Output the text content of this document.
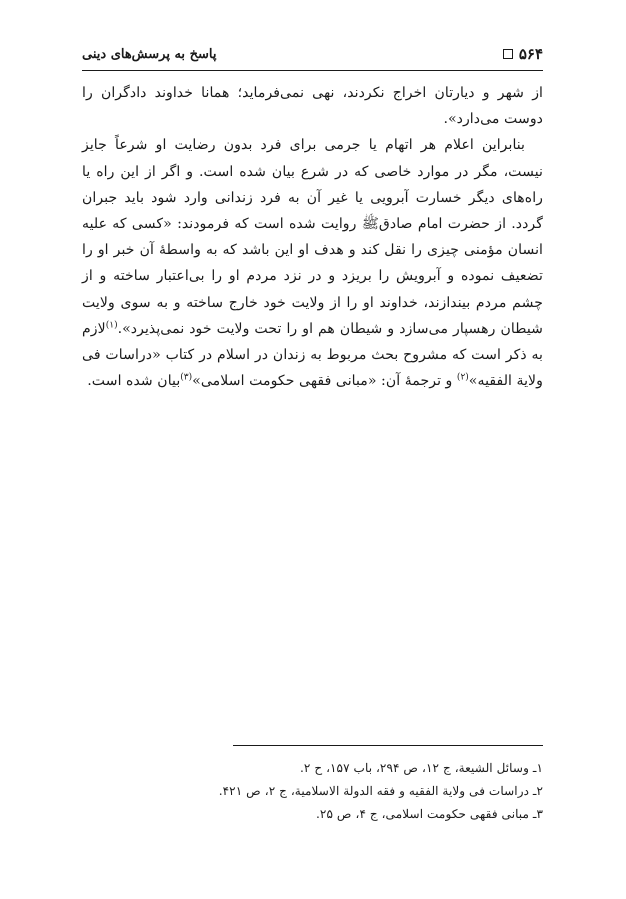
۵۶۴
پاسخ به پرسش‌های دینی

از شهر و دیارتان اخراج نکردند، نهی نمی‌فرماید؛ همانا خداوند دادگران را دوست می‌دارد».

بنابراین اعلام هر اتهام یا جرمی برای فرد بدون رضایت او شرعاً جایز نیست، مگر در موارد خاصی که در شرع بیان شده است. و اگر از این راه یا راه‌های دیگر خسارت آبرویی یا غیر آن به فرد زندانی وارد شود باید جبران گردد. از حضرت امام صادقﷺ روایت شده است که فرمودند: «کسی که علیه انسان مؤمنی چیزی را نقل کند و هدف او این باشد که به واسطهٔ آن خبر او را تضعیف نموده و آبرویش را بریزد و در نزد مردم او را بی‌اعتبار ساخته و از چشم مردم بیندازند، خداوند او را از ولایت خود خارج ساخته و به سوی ولایت شیطان رهسپار می‌سازد و شیطان هم او را تحت ولایت خود نمی‌پذیرد».$^{(۱)}$لازم به ذکر است که مشروح بحث مربوط به زندان در اسلام در کتاب «دراسات فی ولایة الفقیه»$^{(۲)}$ و ترجمهٔ آن: «مبانی فقهی حکومت اسلامی»$^{(۳)}$بیان شده است.

۱ـ وسائل الشیعة، ج ۱۲، ص ۲۹۴، باب ۱۵۷، ح ۲.
۲ـ دراسات فی ولایة الفقیه و فقه الدولة الاسلامیة، ج ۲، ص ۴۲۱.
۳ـ مبانی فقهی حکومت اسلامی، ج ۴، ص ۲۵.
